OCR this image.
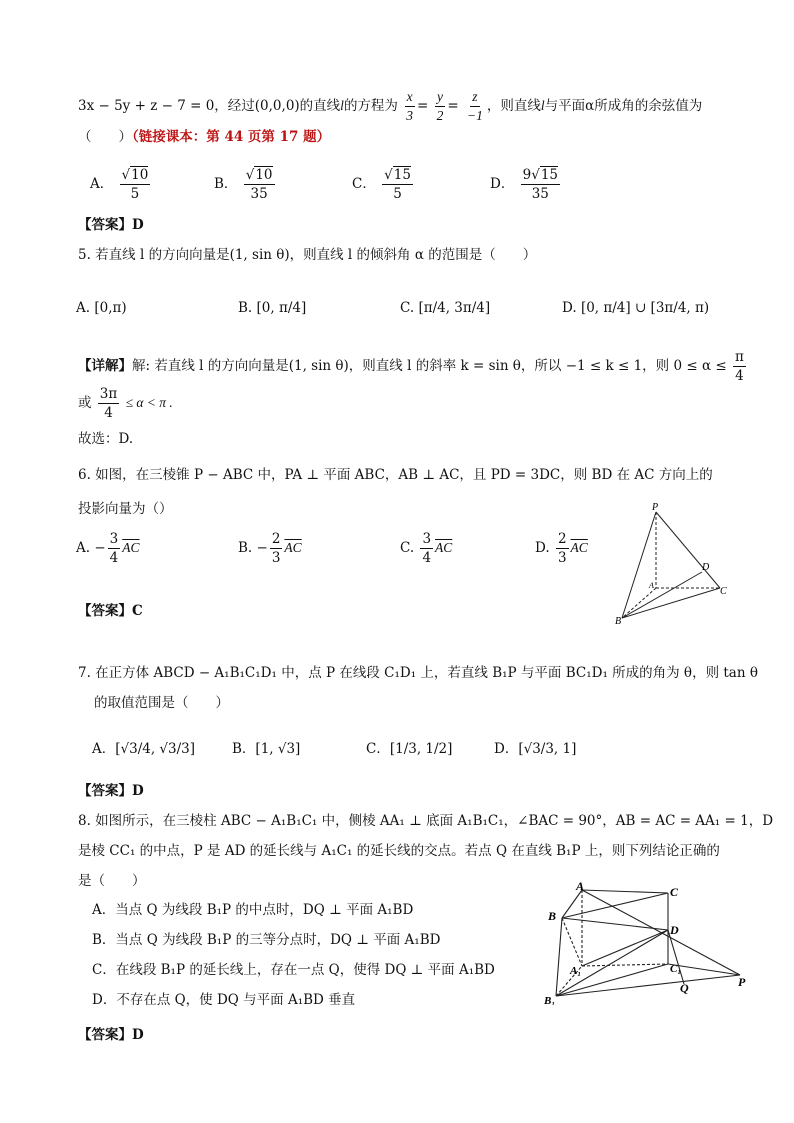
3x − 5y + z − 7 = 0，经过(0,0,0)的直线l的方程为 $\frac{x}{3} = \frac{y}{2} = \frac{z}{-1}$ ，则直线l与平面α所成角的余弦值为
（　　）（链接课本：第 44 页第 17 题）
A． $\frac{√10}{5}$	B． $\frac{√10}{35}$	C． $\frac{√15}{5}$	D． $\frac{9√15}{35}$
【答案】D
5. 若直线 l 的方向向量是(1, sin θ)，则直线 l 的倾斜角 α 的范围是（　　）
A. [0,π)	B. [0, π/4]	C. [π/4, 3π/4]	D. [0, π/4] ∪ [3π/4, π)
【详解】解: 若直线 l 的方向向量是(1, sin θ)，则直线 l 的斜率 k = sin θ，所以 −1 ≤ k ≤ 1，则 $0 \le \alpha \le \frac{\pi}{4}$
或 $\frac{3\pi}{4} \le \alpha < \pi$ .
故选：D.
6. 如图，在三棱锥 P − ABC 中，PA ⊥ 平面 ABC，AB ⊥ AC，且 PD = 3DC，则 BD 在 AC 方向上的
投影向量为（）
A. − $\frac{3}{4} \overline{AC}$	B. − $\frac{2}{3} \overline{AC}$	C. $\frac{3}{4} \overline{AC}$	D. $\frac{2}{3} \overline{AC}$
【答案】C
P
D
A
C
B
7. 在正方体 ABCD − A₁B₁C₁D₁ 中，点 P 在线段 C₁D₁ 上，若直线 B₁P 与平面 BC₁D₁ 所成的角为 θ，则 tan θ
的取值范围是（　　）
A．[√3/4, √3/3]	B．[1, √3]	C．[1/3, 1/2]	D．[√3/3, 1]
【答案】D
8. 如图所示，在三棱柱 ABC − A₁B₁C₁ 中，侧棱 AA₁ ⊥ 底面 A₁B₁C₁，∠BAC = 90°，AB = AC = AA₁ = 1，D
是棱 CC₁ 的中点，P 是 AD 的延长线与 A₁C₁ 的延长线的交点。若点 Q 在直线 B₁P 上，则下列结论正确的
是（　　）
A．当点 Q 为线段 B₁P 的中点时，DQ ⊥ 平面 A₁BD
B．当点 Q 为线段 B₁P 的三等分点时，DQ ⊥ 平面 A₁BD
C．在线段 B₁P 的延长线上，存在一点 Q，使得 DQ ⊥ 平面 A₁BD
D．不存在点 Q，使 DQ 与平面 A₁BD 垂直
【答案】D
A	C
B
D
A₁	C₁
B₁
Q	P
